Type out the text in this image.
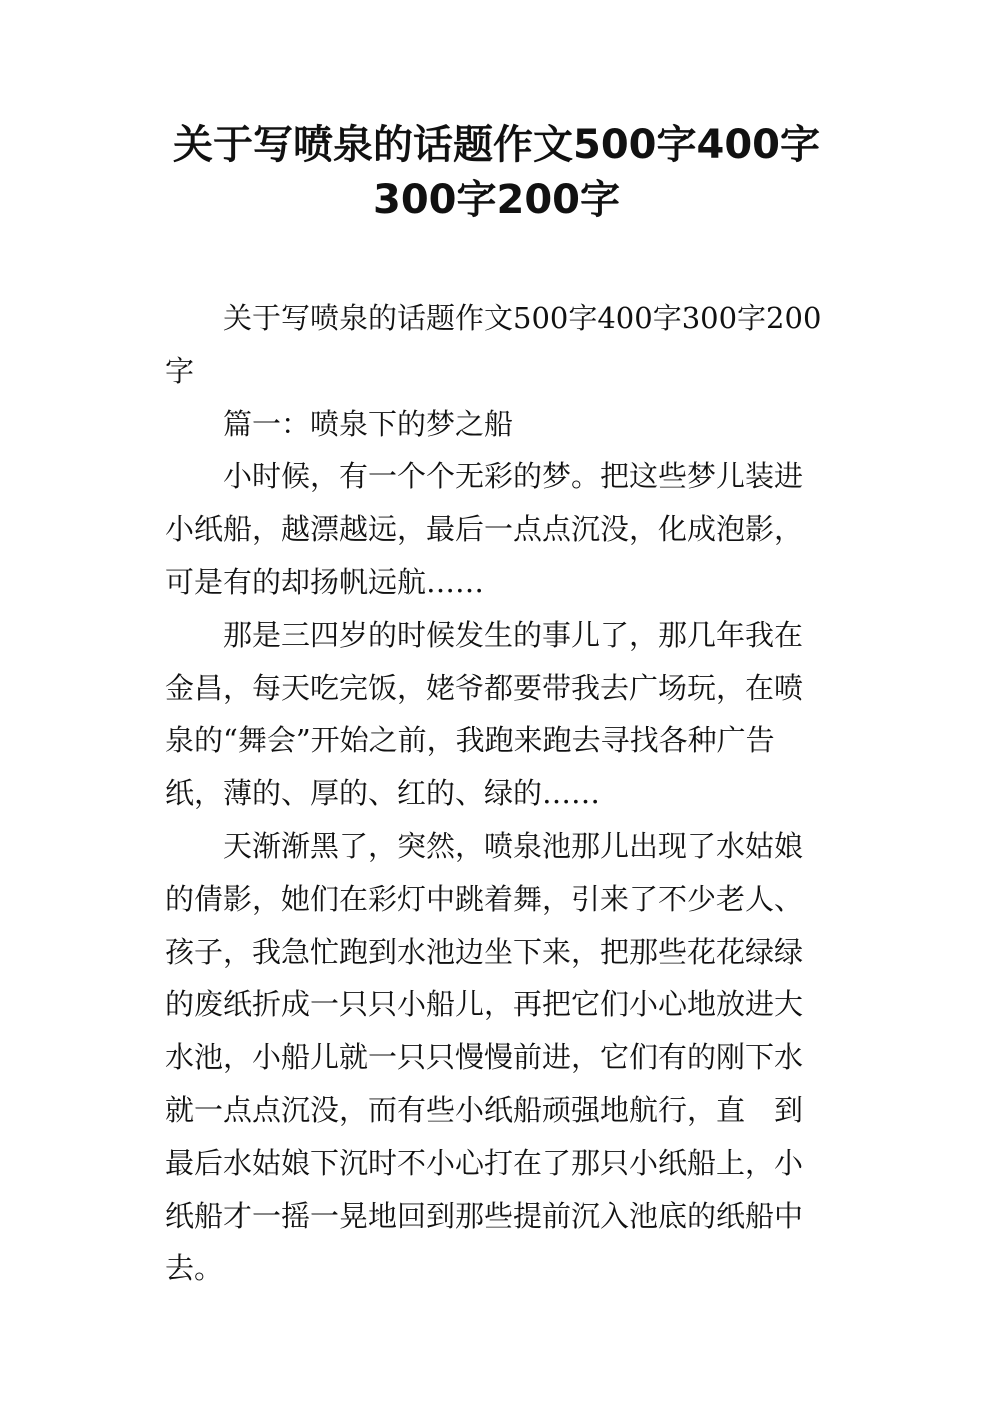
关于写喷泉的话题作文500字400字
300字200字

关于写喷泉的话题作文500字400字300字200字

篇一：喷泉下的梦之船

小时候，有一个个无彩的梦。把这些梦儿装进小纸船，越漂越远，最后一点点沉没，化成泡影，可是有的却扬帆远航……

那是三四岁的时候发生的事儿了，那几年我在金昌，每天吃完饭，姥爷都要带我去广场玩，在喷泉的“舞会”开始之前，我跑来跑去寻找各种广告纸，薄的、厚的、红的、绿的……

天渐渐黑了，突然，喷泉池那儿出现了水姑娘的倩影，她们在彩灯中跳着舞，引来了不少老人、孩子，我急忙跑到水池边坐下来，把那些花花绿绿的废纸折成一只只小船儿，再把它们小心地放进大水池，小船儿就一只只慢慢前进，它们有的刚下水就一点点沉没，而有些小纸船顽强地航行，直　到最后水姑娘下沉时不小心打在了那只小纸船上，小纸船才一摇一晃地回到那些提前沉入池底的纸船中去。
